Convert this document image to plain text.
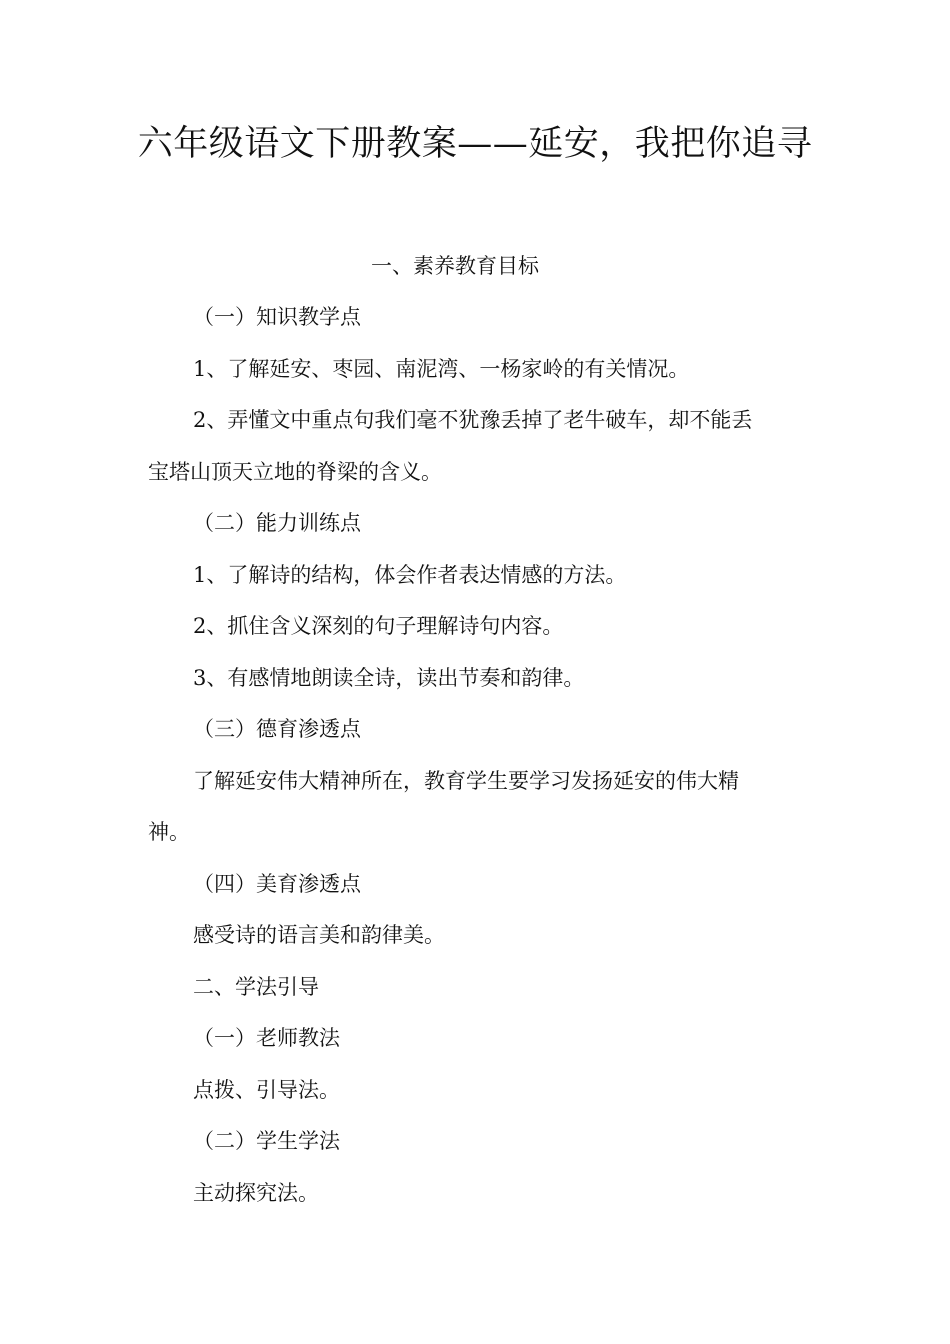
六年级语文下册教案——延安，我把你追寻
一、素养教育目标
（一）知识教学点
1、了解延安、枣园、南泥湾、一杨家岭的有关情况。
2、弄懂文中重点句我们毫不犹豫丢掉了老牛破车，却不能丢
宝塔山顶天立地的脊梁的含义。
（二）能力训练点
1、了解诗的结构，体会作者表达情感的方法。
2、抓住含义深刻的句子理解诗句内容。
3、有感情地朗读全诗，读出节奏和韵律。
（三）德育渗透点
了解延安伟大精神所在，教育学生要学习发扬延安的伟大精
神。
（四）美育渗透点
感受诗的语言美和韵律美。
二、学法引导
（一）老师教法
点拨、引导法。
（二）学生学法
主动探究法。
